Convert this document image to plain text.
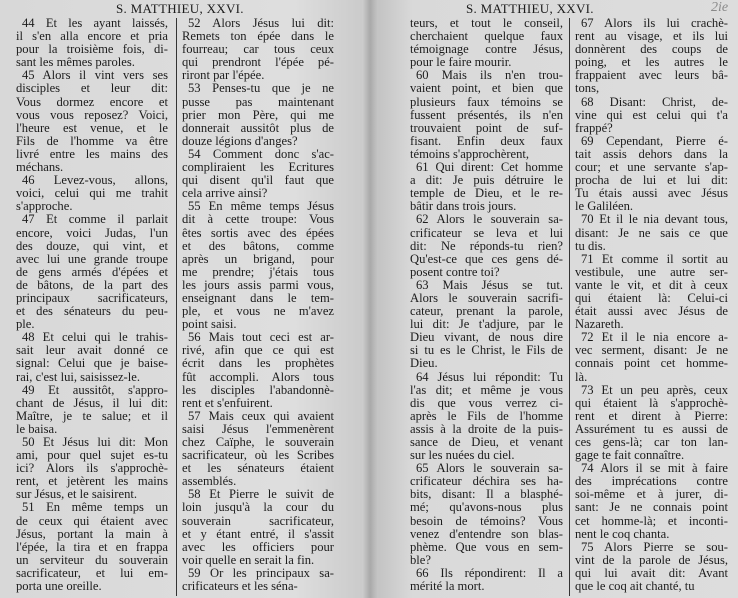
S. MATTHIEU, XXVI.	S. MATTHIEU, XXVI.	2ie
44 Et les ayant laissés,
il s'en alla encore et pria
pour la troisième fois, di-
sant les mêmes paroles.
45 Alors il vint vers ses
disciples et leur dit:
Vous dormez encore et
vous vous reposez? Voici,
l'heure est venue, et le
Fils de l'homme va être
livré entre les mains des
méchans.
46 Levez-vous, allons,
voici, celui qui me trahit
s'approche.
47 Et comme il parlait
encore, voici Judas, l'un
des douze, qui vint, et
avec lui une grande troupe
de gens armés d'épées et
de bâtons, de la part des
principaux sacrificateurs,
et des sénateurs du peu-
ple.
48 Et celui qui le trahis-
sait leur avait donné ce
signal: Celui que je baise-
rai, c'est lui, saisissez-le.
49 Et aussitôt, s'appro-
chant de Jésus, il lui dit:
Maître, je te salue; et il
le baisa.
50 Et Jésus lui dit: Mon
ami, pour quel sujet es-tu
ici? Alors ils s'approchè-
rent, et jetèrent les mains
sur Jésus, et le saisirent.
51 En même temps un
de ceux qui étaient avec
Jésus, portant la main à
l'épée, la tira et en frappa
un serviteur du souverain
sacrificateur, et lui em-
porta une oreille.
52 Alors Jésus lui dit:
Remets ton épée dans le
fourreau; car tous ceux
qui prendront l'épée pé-
riront par l'épée.
53 Penses-tu que je ne
pusse pas maintenant
prier mon Père, qui me
donnerait aussitôt plus de
douze légions d'anges?
54 Comment donc s'ac-
compliraient les Ecritures
qui disent qu'il faut que
cela arrive ainsi?
55 En même temps Jésus
dit à cette troupe: Vous
êtes sortis avec des épées
et des bâtons, comme
après un brigand, pour
me prendre; j'étais tous
les jours assis parmi vous,
enseignant dans le tem-
ple, et vous ne m'avez
point saisi.
56 Mais tout ceci est ar-
rivé, afin que ce qui est
écrit dans les prophètes
fût accompli. Alors tous
les disciples l'abandonnè-
rent et s'enfuirent.
57 Mais ceux qui avaient
saisi Jésus l'emmenèrent
chez Caïphe, le souverain
sacrificateur, où les Scribes
et les sénateurs étaient
assemblés.
58 Et Pierre le suivit de
loin jusqu'à la cour du
souverain sacrificateur,
et y étant entré, il s'assit
avec les officiers pour
voir quelle en serait la fin.
59 Or les principaux sa-
crificateurs et les séna-
teurs, et tout le conseil,
cherchaient quelque faux
témoignage contre Jésus,
pour le faire mourir.
60 Mais ils n'en trou-
vaient point, et bien que
plusieurs faux témoins se
fussent présentés, ils n'en
trouvaient point de suf-
fisant. Enfin deux faux
témoins s'approchèrent,
61 Qui dirent: Cet homme
a dit: Je puis détruire le
temple de Dieu, et le re-
bâtir dans trois jours.
62 Alors le souverain sa-
crificateur se leva et lui
dit: Ne réponds-tu rien?
Qu'est-ce que ces gens dé-
posent contre toi?
63 Mais Jésus se tut.
Alors le souverain sacrifi-
cateur, prenant la parole,
lui dit: Je t'adjure, par le
Dieu vivant, de nous dire
si tu es le Christ, le Fils de
Dieu.
64 Jésus lui répondit: Tu
l'as dit; et même je vous
dis que vous verrez ci-
après le Fils de l'homme
assis à la droite de la puis-
sance de Dieu, et venant
sur les nuées du ciel.
65 Alors le souverain sa-
crificateur déchira ses ha-
bits, disant: Il a blasphé-
mé; qu'avons-nous plus
besoin de témoins? Vous
venez d'entendre son blas-
phème. Que vous en sem-
ble?
66 Ils répondirent: Il a
mérité la mort.
67 Alors ils lui crachè-
rent au visage, et ils lui
donnèrent des coups de
poing, et les autres le
frappaient avec leurs bâ-
tons,
68 Disant: Christ, de-
vine qui est celui qui t'a
frappé?
69 Cependant, Pierre é-
tait assis dehors dans la
cour; et une servante s'ap-
procha de lui et lui dit:
Tu étais aussi avec Jésus
le Galiléen.
70 Et il le nia devant tous,
disant: Je ne sais ce que
tu dis.
71 Et comme il sortit au
vestibule, une autre ser-
vante le vit, et dit à ceux
qui étaient là: Celui-ci
était aussi avec Jésus de
Nazareth.
72 Et il le nia encore a-
vec serment, disant: Je ne
connais point cet homme-
là.
73 Et un peu après, ceux
qui étaient là s'approchè-
rent et dirent à Pierre:
Assurément tu es aussi de
ces gens-là; car ton lan-
gage te fait connaître.
74 Alors il se mit à faire
des imprécations contre
soi-même et à jurer, di-
sant: Je ne connais point
cet homme-là; et inconti-
nent le coq chanta.
75 Alors Pierre se sou-
vint de la parole de Jésus,
qui lui avait dit: Avant
que le coq ait chanté, tu
